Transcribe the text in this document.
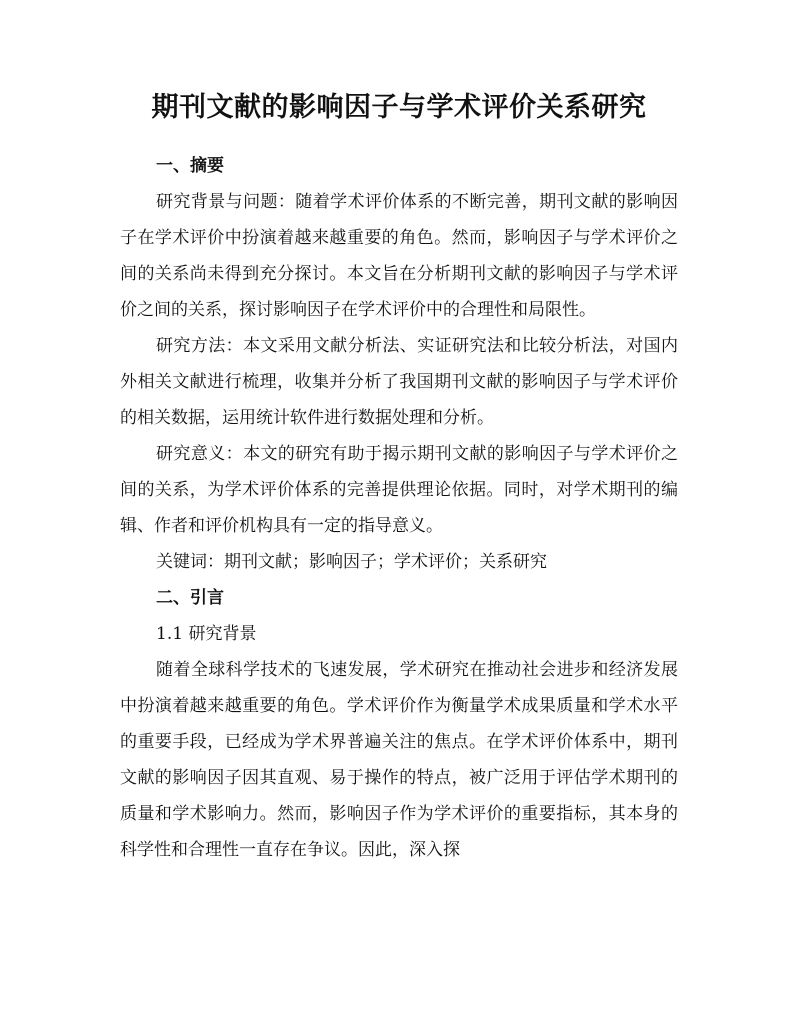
期刊文献的影响因子与学术评价关系研究
一、摘要

研究背景与问题：随着学术评价体系的不断完善，期刊文献的影响因子在学术评价中扮演着越来越重要的角色。然而，影响因子与学术评价之间的关系尚未得到充分探讨。本文旨在分析期刊文献的影响因子与学术评价之间的关系，探讨影响因子在学术评价中的合理性和局限性。

研究方法：本文采用文献分析法、实证研究法和比较分析法，对国内外相关文献进行梳理，收集并分析了我国期刊文献的影响因子与学术评价的相关数据，运用统计软件进行数据处理和分析。

研究意义：本文的研究有助于揭示期刊文献的影响因子与学术评价之间的关系，为学术评价体系的完善提供理论依据。同时，对学术期刊的编辑、作者和评价机构具有一定的指导意义。

关键词：期刊文献；影响因子；学术评价；关系研究

二、引言

1.1 研究背景

随着全球科学技术的飞速发展，学术研究在推动社会进步和经济发展中扮演着越来越重要的角色。学术评价作为衡量学术成果质量和学术水平的重要手段，已经成为学术界普遍关注的焦点。在学术评价体系中，期刊文献的影响因子因其直观、易于操作的特点，被广泛用于评估学术期刊的质量和学术影响力。然而，影响因子作为学术评价的重要指标，其本身的科学性和合理性一直存在争议。因此，深入探
